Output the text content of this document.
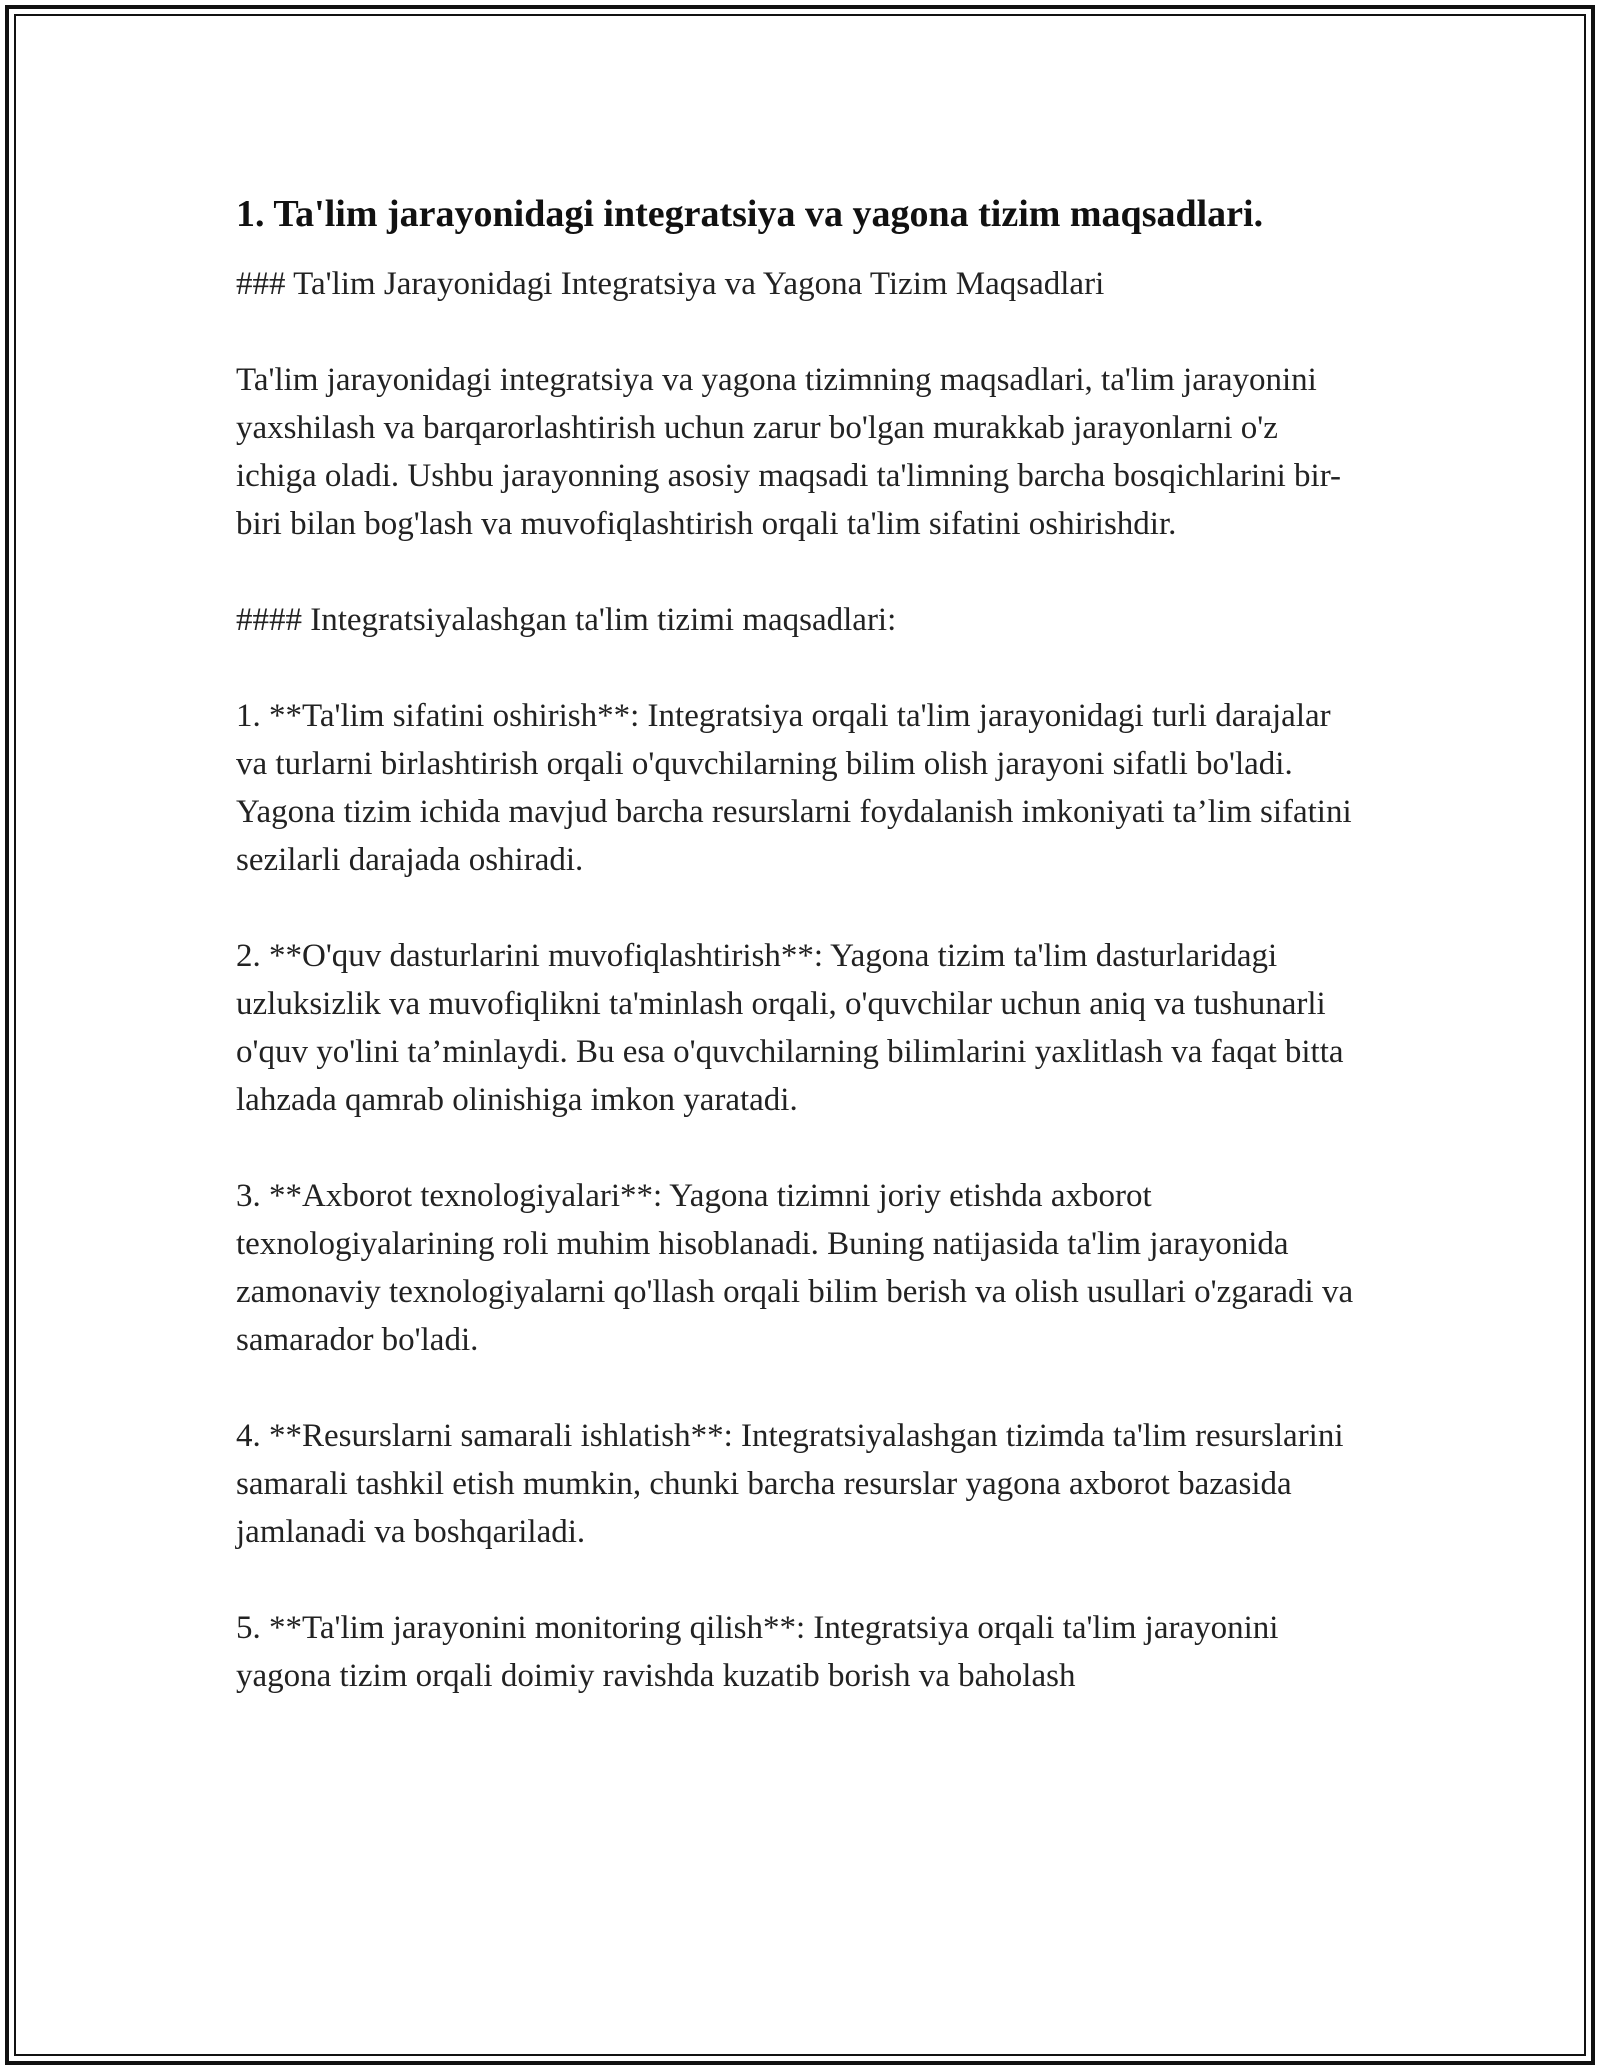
1. Ta'lim jarayonidagi integratsiya va yagona tizim maqsadlari.

### Ta'lim Jarayonidagi Integratsiya va Yagona Tizim Maqsadlari

Ta'lim jarayonidagi integratsiya va yagona tizimning maqsadlari, ta'lim jarayonini yaxshilash va barqarorlashtirish uchun zarur bo'lgan murakkab jarayonlarni o'z ichiga oladi. Ushbu jarayonning asosiy maqsadi ta'limning barcha bosqichlarini bir-biri bilan bog'lash va muvofiqlashtirish orqali ta'lim sifatini oshirishdir.

#### Integratsiyalashgan ta'lim tizimi maqsadlari:

1. **Ta'lim sifatini oshirish**: Integratsiya orqali ta'lim jarayonidagi turli darajalar va turlarni birlashtirish orqali o'quvchilarning bilim olish jarayoni sifatli bo'ladi. Yagona tizim ichida mavjud barcha resurslarni foydalanish imkoniyati ta’lim sifatini sezilarli darajada oshiradi.

2. **O'quv dasturlarini muvofiqlashtirish**: Yagona tizim ta'lim dasturlaridagi uzluksizlik va muvofiqlikni ta'minlash orqali, o'quvchilar uchun aniq va tushunarli o'quv yo'lini ta’minlaydi. Bu esa o'quvchilarning bilimlarini yaxlitlash va faqat bitta lahzada qamrab olinishiga imkon yaratadi.

3. **Axborot texnologiyalari**: Yagona tizimni joriy etishda axborot texnologiyalarining roli muhim hisoblanadi. Buning natijasida ta'lim jarayonida zamonaviy texnologiyalarni qo'llash orqali bilim berish va olish usullari o'zgaradi va samarador bo'ladi.

4. **Resurslarni samarali ishlatish**: Integratsiyalashgan tizimda ta'lim resurslarini samarali tashkil etish mumkin, chunki barcha resurslar yagona axborot bazasida jamlanadi va boshqariladi.

5. **Ta'lim jarayonini monitoring qilish**: Integratsiya orqali ta'lim jarayonini yagona tizim orqali doimiy ravishda kuzatib borish va baholash
